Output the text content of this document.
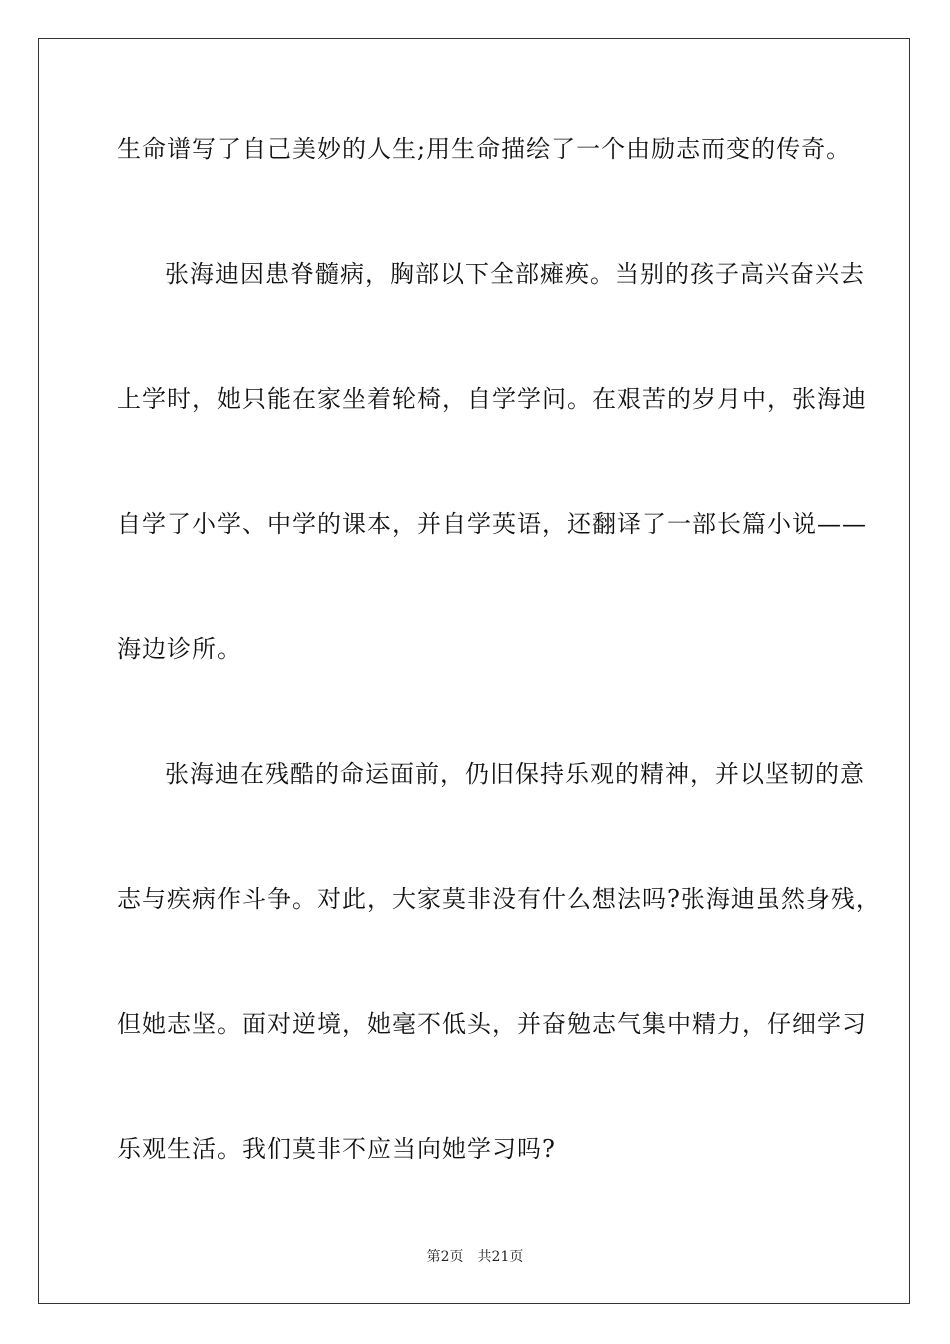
生命谱写了自己美妙的人生;用生命描绘了一个由励志而变的传奇。
张海迪因患脊髓病，胸部以下全部瘫痪。当别的孩子高兴奋兴去
上学时，她只能在家坐着轮椅，自学学问。在艰苦的岁月中，张海迪
自学了小学、中学的课本，并自学英语，还翻译了一部长篇小说——
海边诊所。
张海迪在残酷的命运面前，仍旧保持乐观的精神，并以坚韧的意
志与疾病作斗争。对此，大家莫非没有什么想法吗?张海迪虽然身残，
但她志坚。面对逆境，她毫不低头，并奋勉志气集中精力，仔细学习
乐观生活。我们莫非不应当向她学习吗?
第2页 共21页
